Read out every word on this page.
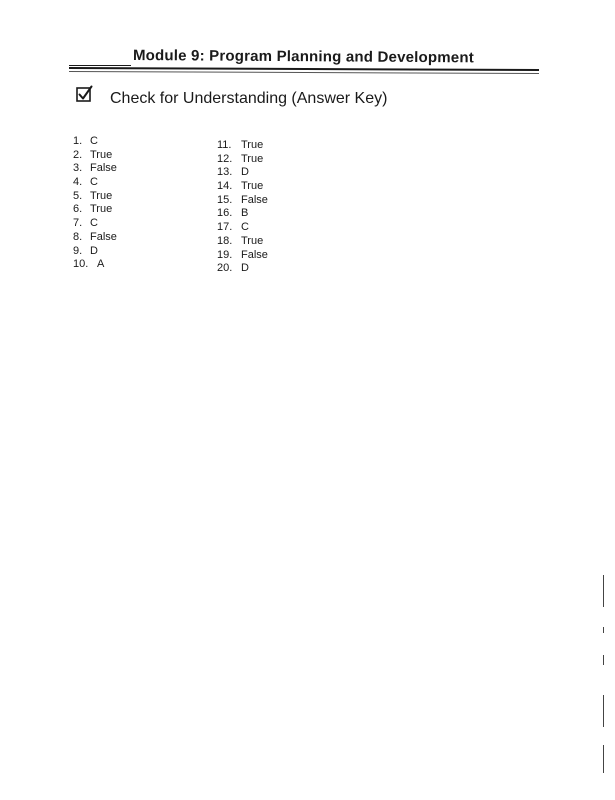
Module 9: Program Planning and Development
Check for Understanding (Answer Key)
1. C
2. True
3. False
4. C
5. True
6. True
7. C
8. False
9. D
10. A
11. True
12. True
13. D
14. True
15. False
16. B
17. C
18. True
19. False
20. D
